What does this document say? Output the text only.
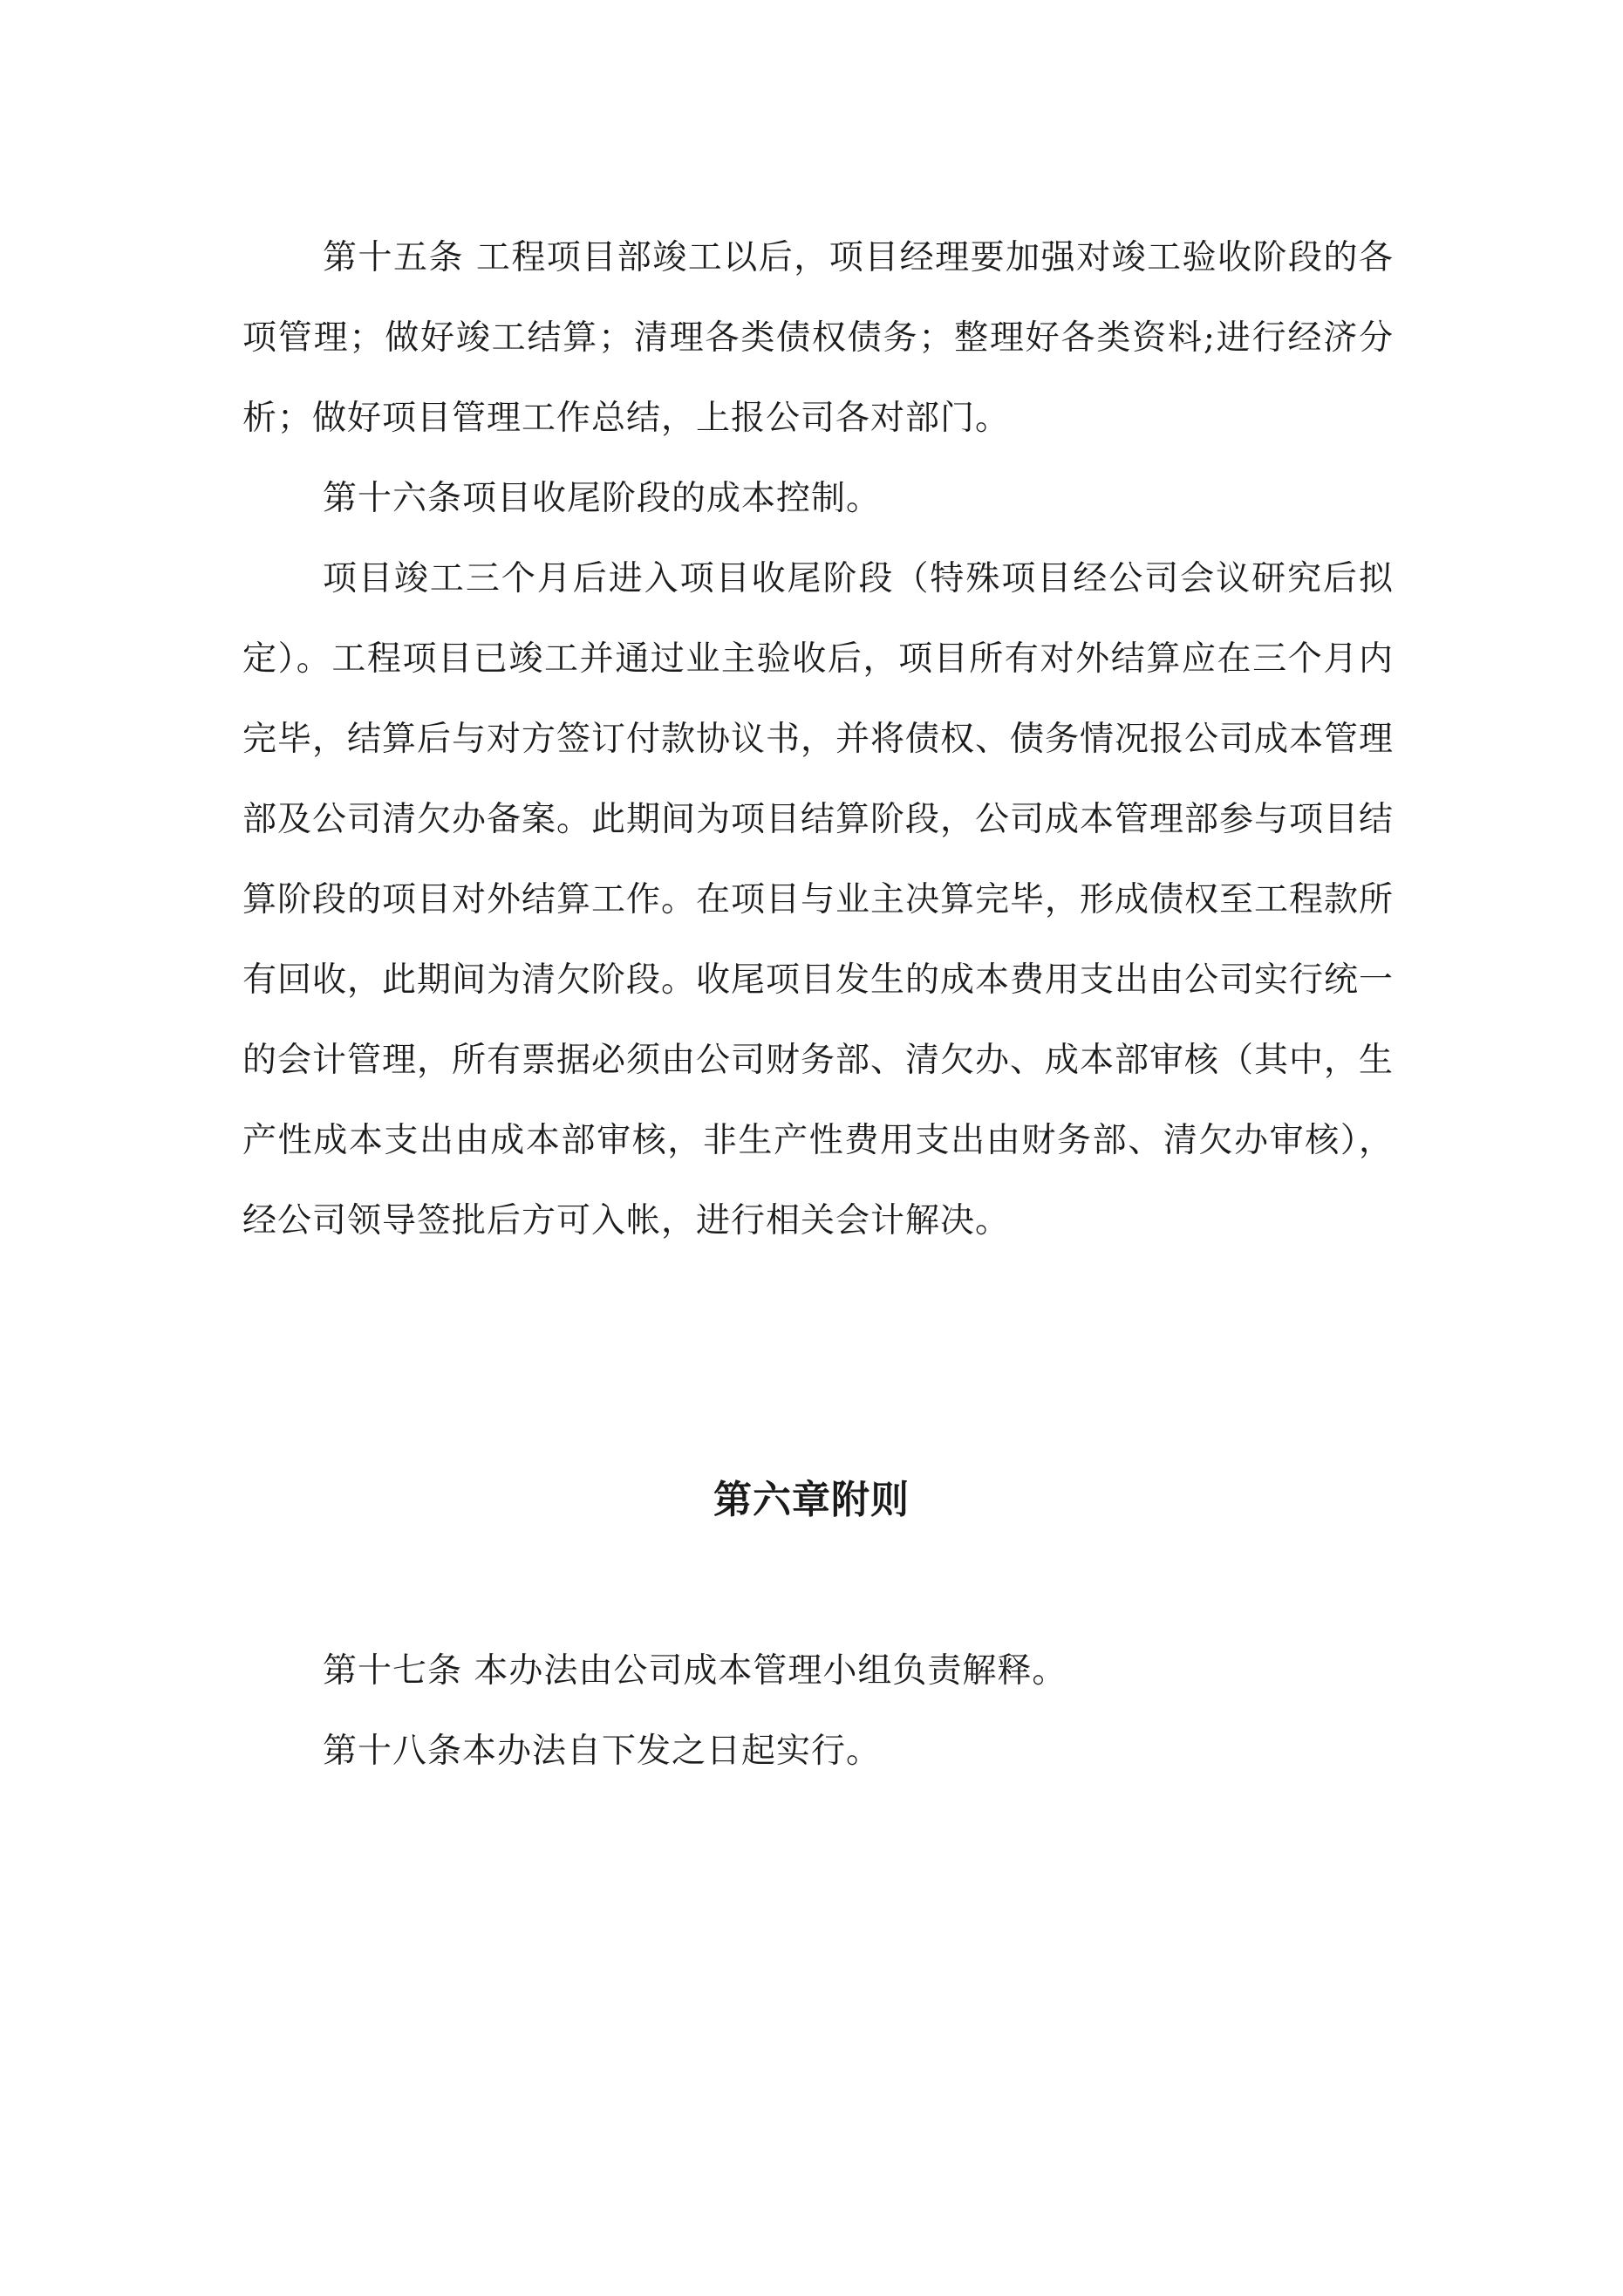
第十五条 工程项目部竣工以后，项目经理要加强对竣工验收阶段的各项管理；做好竣工结算；清理各类债权债务；整理好各类资料;进行经济分析；做好项目管理工作总结，上报公司各对部门。

第十六条项目收尾阶段的成本控制。

项目竣工三个月后进入项目收尾阶段（特殊项目经公司会议研究后拟定）。工程项目已竣工并通过业主验收后，项目所有对外结算应在三个月内完毕，结算后与对方签订付款协议书，并将债权、债务情况报公司成本管理部及公司清欠办备案。此期间为项目结算阶段，公司成本管理部参与项目结算阶段的项目对外结算工作。在项目与业主决算完毕，形成债权至工程款所有回收，此期间为清欠阶段。收尾项目发生的成本费用支出由公司实行统一的会计管理，所有票据必须由公司财务部、清欠办、成本部审核（其中，生产性成本支出由成本部审核，非生产性费用支出由财务部、清欠办审核），经公司领导签批后方可入帐，进行相关会计解决。

第六章附则

第十七条 本办法由公司成本管理小组负责解释。

第十八条本办法自下发之日起实行。
